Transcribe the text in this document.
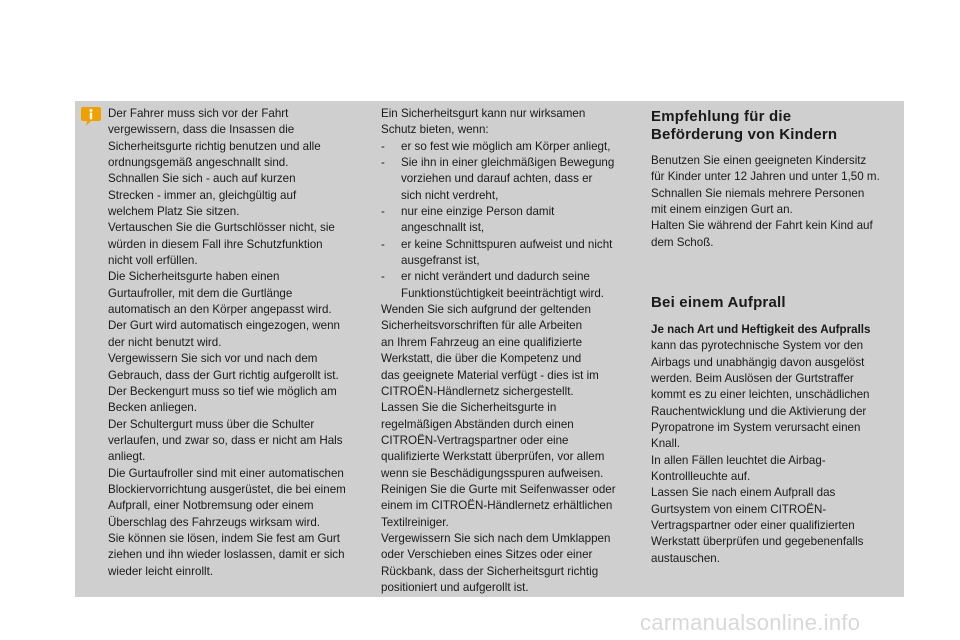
Der Fahrer muss sich vor der Fahrt
vergewissern, dass die Insassen die
Sicherheitsgurte richtig benutzen und alle
ordnungsgemäß angeschnallt sind.
Schnallen Sie sich - auch auf kurzen
Strecken - immer an, gleichgültig auf
welchem Platz Sie sitzen.
Vertauschen Sie die Gurtschlösser nicht, sie
würden in diesem Fall ihre Schutzfunktion
nicht voll erfüllen.
Die Sicherheitsgurte haben einen
Gurtaufroller, mit dem die Gurtlänge
automatisch an den Körper angepasst wird.
Der Gurt wird automatisch eingezogen, wenn
der nicht benutzt wird.
Vergewissern Sie sich vor und nach dem
Gebrauch, dass der Gurt richtig aufgerollt ist.
Der Beckengurt muss so tief wie möglich am
Becken anliegen.
Der Schultergurt muss über die Schulter
verlaufen, und zwar so, dass er nicht am Hals
anliegt.
Die Gurtaufroller sind mit einer automatischen
Blockiervorrichtung ausgerüstet, die bei einem
Aufprall, einer Notbremsung oder einem
Überschlag des Fahrzeugs wirksam wird.
Sie können sie lösen, indem Sie fest am Gurt
ziehen und ihn wieder loslassen, damit er sich
wieder leicht einrollt.
Ein Sicherheitsgurt kann nur wirksamen
Schutz bieten, wenn:
- er so fest wie möglich am Körper anliegt,
- Sie ihn in einer gleichmäßigen Bewegung
vorziehen und darauf achten, dass er
sich nicht verdreht,
- nur eine einzige Person damit
angeschnallt ist,
- er keine Schnittspuren aufweist und nicht
ausgefranst ist,
- er nicht verändert und dadurch seine
Funktionstüchtigkeit beeinträchtigt wird.
Wenden Sie sich aufgrund der geltenden
Sicherheitsvorschriften für alle Arbeiten
an Ihrem Fahrzeug an eine qualifizierte
Werkstatt, die über die Kompetenz und
das geeignete Material verfügt - dies ist im
CITROËN-Händlernetz sichergestellt.
Lassen Sie die Sicherheitsgurte in
regelmäßigen Abständen durch einen
CITROËN-Vertragspartner oder eine
qualifizierte Werkstatt überprüfen, vor allem
wenn sie Beschädigungsspuren aufweisen.
Reinigen Sie die Gurte mit Seifenwasser oder
einem im CITROËN-Händlernetz erhältlichen
Textilreiniger.
Vergewissern Sie sich nach dem Umklappen
oder Verschieben eines Sitzes oder einer
Rückbank, dass der Sicherheitsgurt richtig
positioniert und aufgerollt ist.
Empfehlung für die
Beförderung von Kindern
Benutzen Sie einen geeigneten Kindersitz
für Kinder unter 12 Jahren und unter 1,50 m.
Schnallen Sie niemals mehrere Personen
mit einem einzigen Gurt an.
Halten Sie während der Fahrt kein Kind auf
dem Schoß.
Bei einem Aufprall
Je nach Art und Heftigkeit des Aufpralls
kann das pyrotechnische System vor den
Airbags und unabhängig davon ausgelöst
werden. Beim Auslösen der Gurtstraffer
kommt es zu einer leichten, unschädlichen
Rauchentwicklung und die Aktivierung der
Pyropatrone im System verursacht einen
Knall.
In allen Fällen leuchtet die Airbag-
Kontrollleuchte auf.
Lassen Sie nach einem Aufprall das
Gurtsystem von einem CITROËN-
Vertragspartner oder einer qualifizierten
Werkstatt überprüfen und gegebenenfalls
austauschen.
carmanualsonline.info
